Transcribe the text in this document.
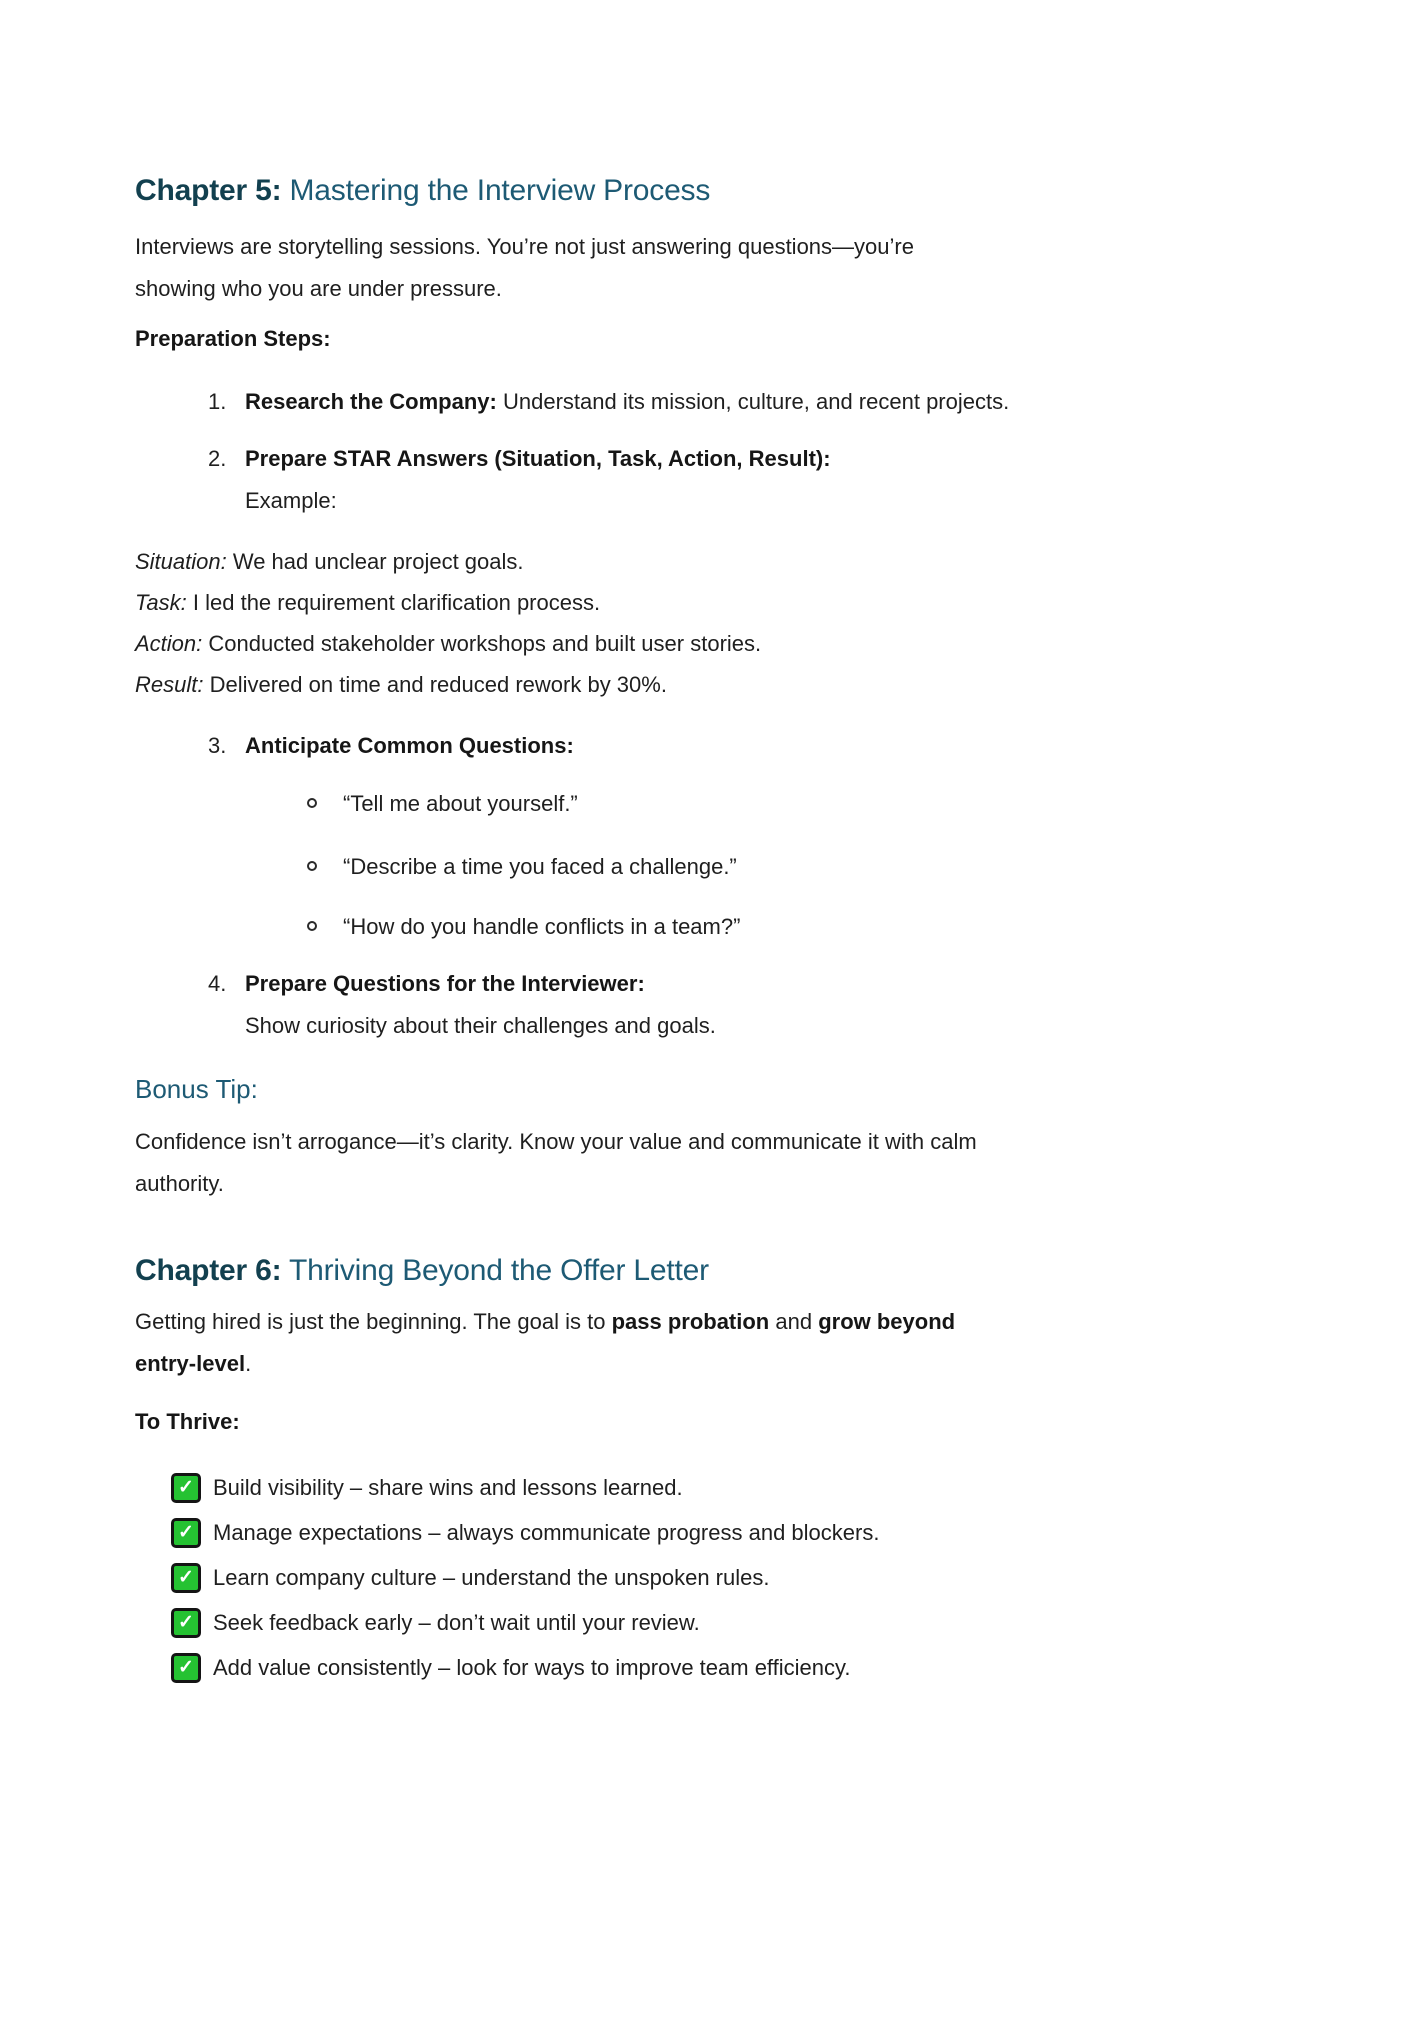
Chapter 5: Mastering the Interview Process
Interviews are storytelling sessions. You’re not just answering questions—you’re
showing who you are under pressure.
Preparation Steps:
1. Research the Company: Understand its mission, culture, and recent projects.
2. Prepare STAR Answers (Situation, Task, Action, Result):
Example:
Situation: We had unclear project goals.
Task: I led the requirement clarification process.
Action: Conducted stakeholder workshops and built user stories.
Result: Delivered on time and reduced rework by 30%.
3. Anticipate Common Questions:
“Tell me about yourself.”
“Describe a time you faced a challenge.”
“How do you handle conflicts in a team?”
4. Prepare Questions for the Interviewer:
Show curiosity about their challenges and goals.
Bonus Tip:
Confidence isn’t arrogance—it’s clarity. Know your value and communicate it with calm
authority.
Chapter 6: Thriving Beyond the Offer Letter
Getting hired is just the beginning. The goal is to pass probation and grow beyond
entry-level.
To Thrive:
✓ Build visibility – share wins and lessons learned.
✓ Manage expectations – always communicate progress and blockers.
✓ Learn company culture – understand the unspoken rules.
✓ Seek feedback early – don’t wait until your review.
✓ Add value consistently – look for ways to improve team efficiency.
